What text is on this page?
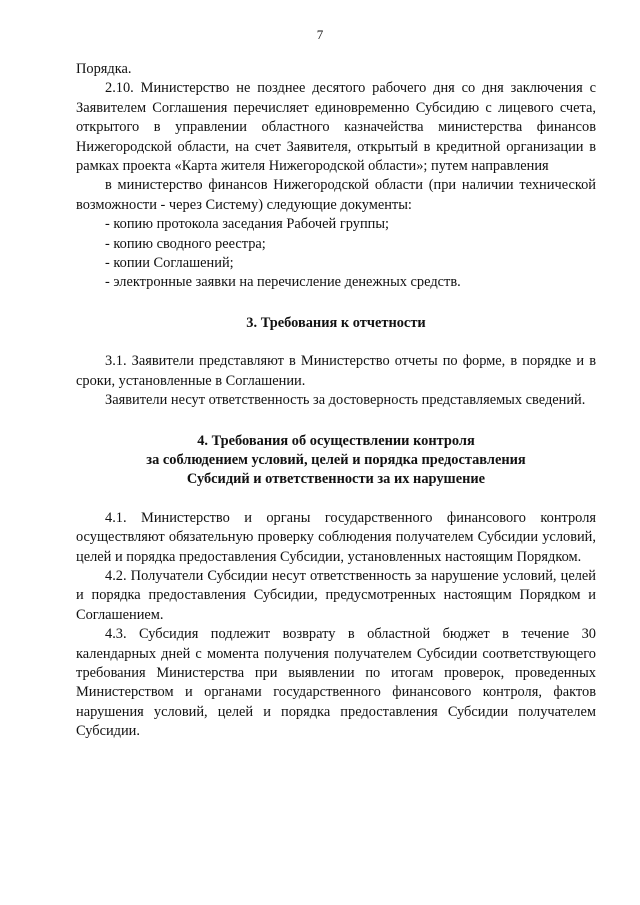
7

Порядка.

2.10. Министерство не позднее десятого рабочего дня со дня заключения с Заявителем Соглашения перечисляет единовременно Субсидию с лицевого счета, открытого в управлении областного казначейства министерства финансов Нижегородской области, на счет Заявителя, открытый в кредитной организации в рамках проекта «Карта жителя Нижегородской области»; путем направления

в министерство финансов Нижегородской области (при наличии технической возможности - через Систему) следующие документы:

- копию протокола заседания Рабочей группы;

- копию сводного реестра;

- копии Соглашений;

- электронные заявки на перечисление денежных средств.

3. Требования к отчетности

3.1. Заявители представляют в Министерство отчеты по форме, в порядке и в сроки, установленные в Соглашении.

Заявители несут ответственность за достоверность представляемых сведений.

4. Требования об осуществлении контроля
за соблюдением условий, целей и порядка предоставления
Субсидий и ответственности за их нарушение

4.1. Министерство и органы государственного финансового контроля осуществляют обязательную проверку соблюдения получателем Субсидии условий, целей и порядка предоставления Субсидии, установленных настоящим Порядком.

4.2. Получатели Субсидии несут ответственность за нарушение условий, целей и порядка предоставления Субсидии, предусмотренных настоящим Порядком и Соглашением.

4.3. Субсидия подлежит возврату в областной бюджет в течение 30 календарных дней с момента получения получателем Субсидии соответствующего требования Министерства при выявлении по итогам проверок, проведенных Министерством и органами государственного финансового контроля, фактов нарушения условий, целей и порядка предоставления Субсидии получателем Субсидии.
